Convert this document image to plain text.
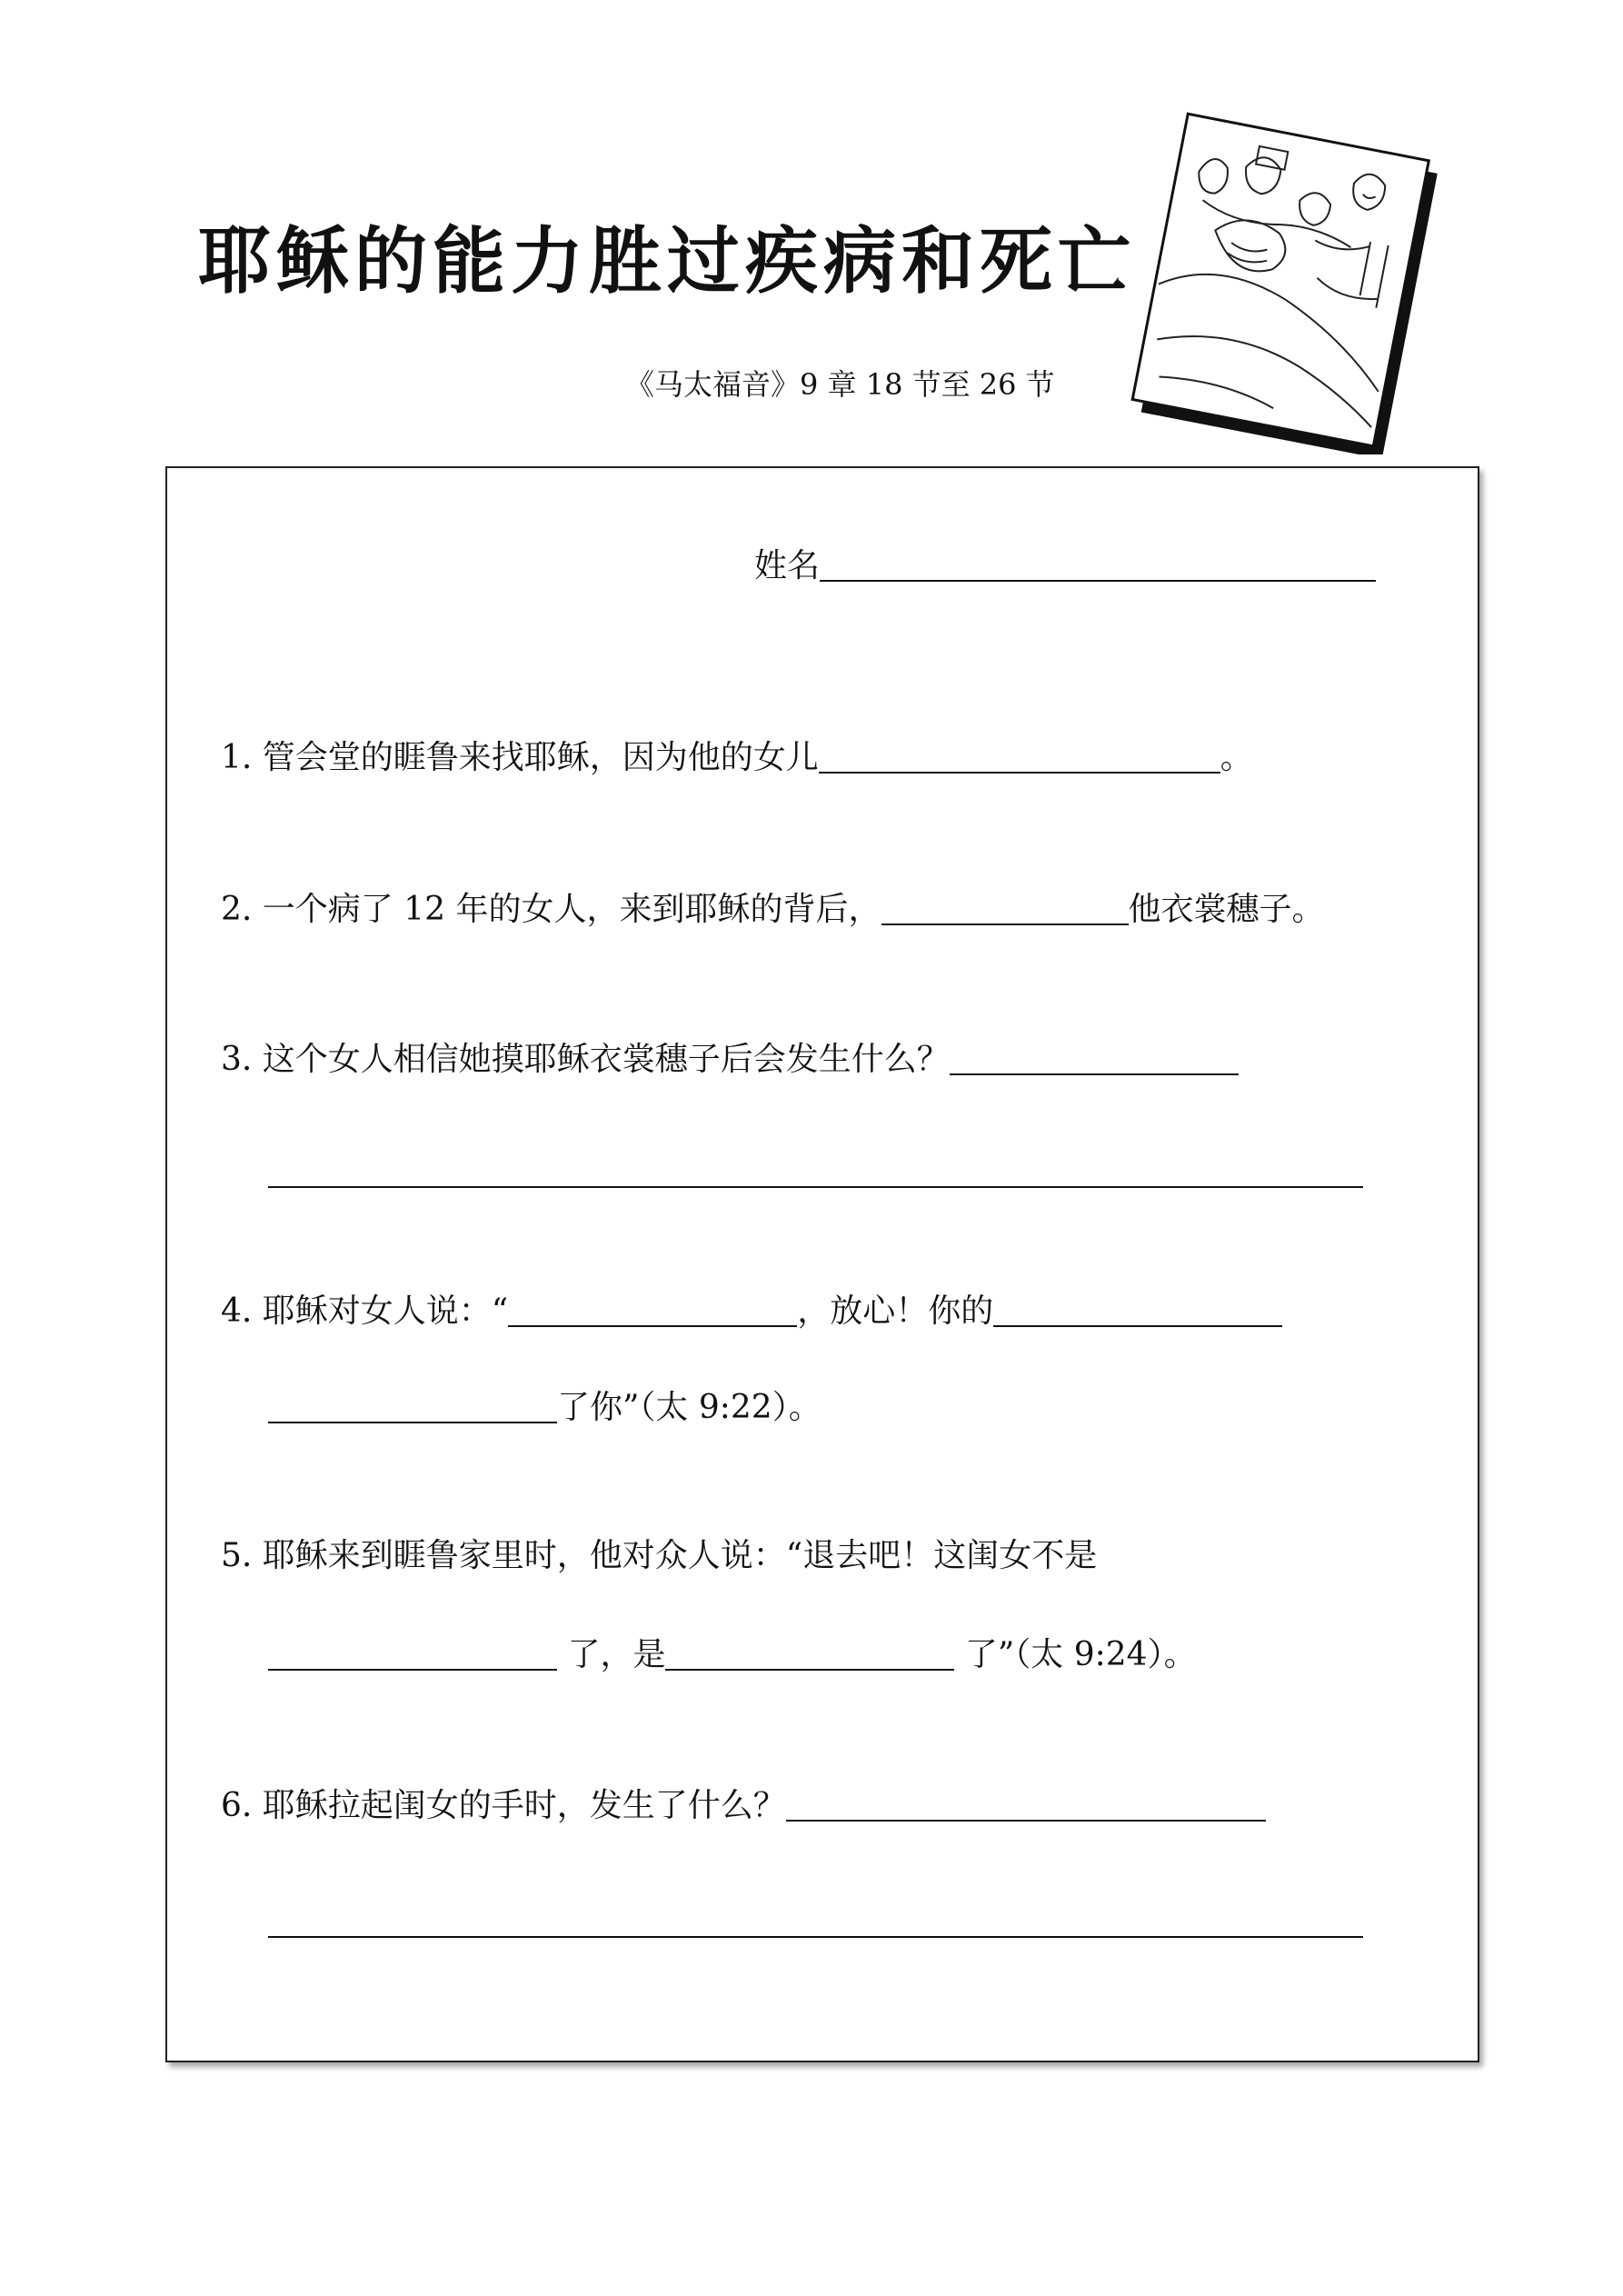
耶稣的能力胜过疾病和死亡
《马太福音》9 章 18 节至 26 节
姓名
1. 管会堂的睚鲁来找耶稣，因为他的女儿	。
2. 一个病了 12 年的女人，来到耶稣的背后，	他衣裳穗子。
3. 这个女人相信她摸耶稣衣裳穗子后会发生什么？
4. 耶稣对女人说：“	，放心！你的
了你”（太 9:22）。
5. 耶稣来到睚鲁家里时，他对众人说：“退去吧！这闺女不是
了，是	了”（太 9:24）。
6. 耶稣拉起闺女的手时，发生了什么？
